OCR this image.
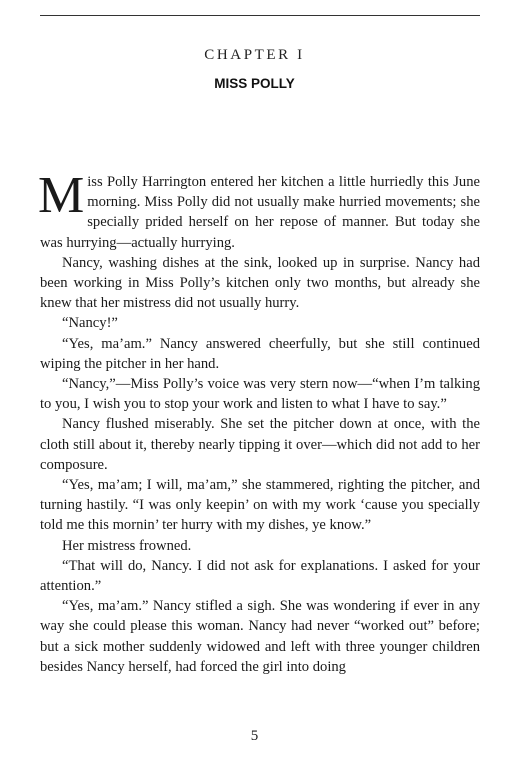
CHAPTER I
MISS POLLY

Miss Polly Harrington entered her kitchen a little hurriedly this June morning. Miss Polly did not usually make hurried movements; she specially prided herself on her repose of manner. But today she was hurrying—actually hurrying.

Nancy, washing dishes at the sink, looked up in surprise. Nancy had been working in Miss Polly’s kitchen only two months, but already she knew that her mistress did not usually hurry.

“Nancy!”

“Yes, ma’am.” Nancy answered cheerfully, but she still continued wiping the pitcher in her hand.

“Nancy,”—Miss Polly’s voice was very stern now—“when I’m talking to you, I wish you to stop your work and listen to what I have to say.”

Nancy flushed miserably. She set the pitcher down at once, with the cloth still about it, thereby nearly tipping it over—which did not add to her composure.

“Yes, ma’am; I will, ma’am,” she stammered, righting the pitcher, and turning hastily. “I was only keepin’ on with my work ‘cause you specially told me this mornin’ ter hurry with my dishes, ye know.”

Her mistress frowned.

“That will do, Nancy. I did not ask for explanations. I asked for your attention.”

“Yes, ma’am.” Nancy stifled a sigh. She was wondering if ever in any way she could please this woman. Nancy had never “worked out” before; but a sick mother suddenly widowed and left with three younger children besides Nancy herself, had forced the girl into doing

5
